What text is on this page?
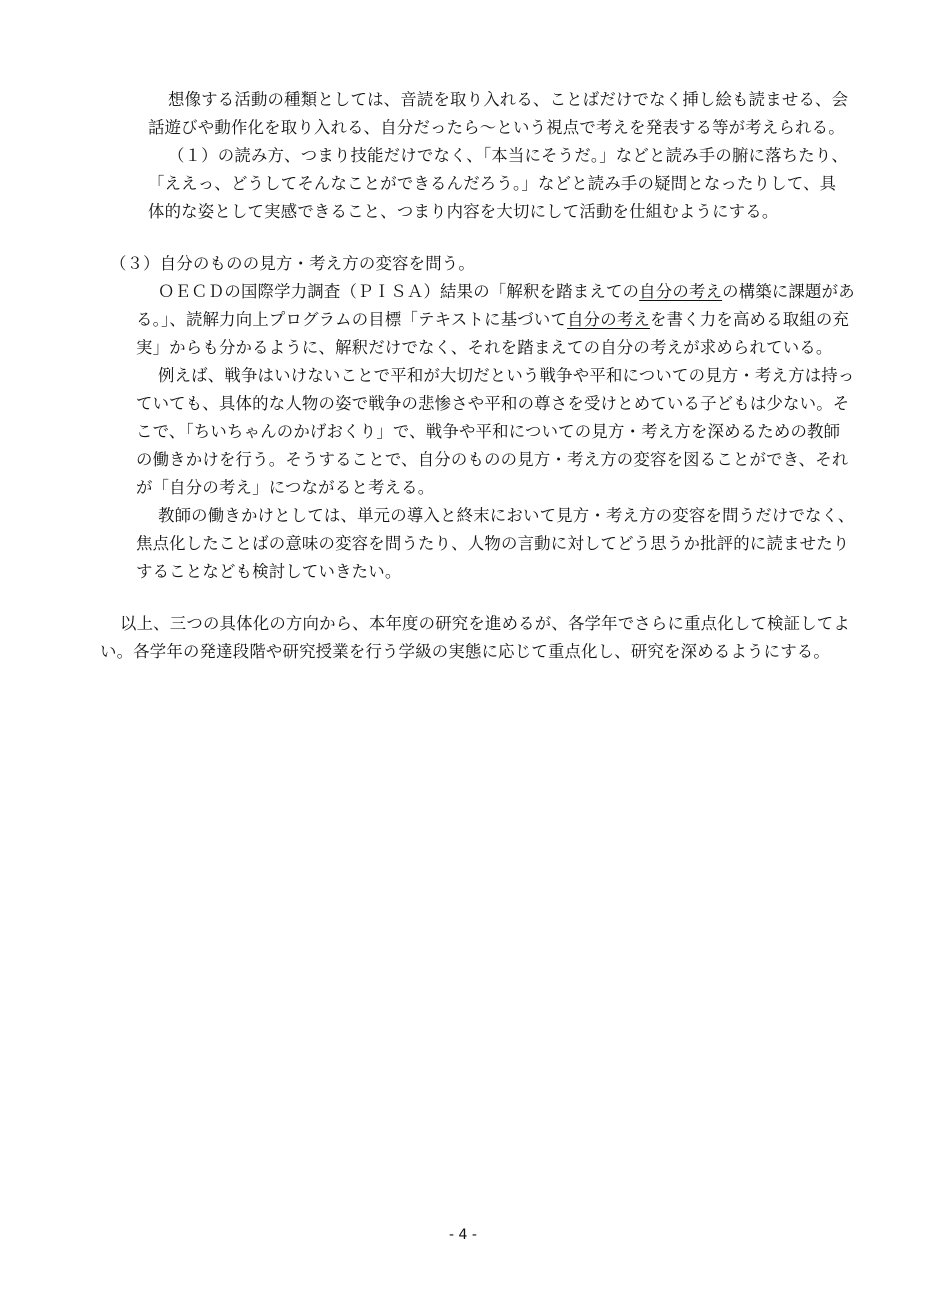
想像する活動の種類としては、音読を取り入れる、ことばだけでなく挿し絵も読ませる、会
話遊びや動作化を取り入れる、自分だったら～という視点で考えを発表する等が考えられる。
（１）の読み方、つまり技能だけでなく、「本当にそうだ。」などと読み手の腑に落ちたり、
「ええっ、どうしてそんなことができるんだろう。」などと読み手の疑問となったりして、具
体的な姿として実感できること、つまり内容を大切にして活動を仕組むようにする。
（３）自分のものの見方・考え方の変容を問う。
ＯＥＣＤの国際学力調査（ＰＩＳＡ）結果の「解釈を踏まえての自分の考えの構築に課題があ
る。」、読解力向上プログラムの目標「テキストに基づいて自分の考えを書く力を高める取組の充
実」からも分かるように、解釈だけでなく、それを踏まえての自分の考えが求められている。
例えば、戦争はいけないことで平和が大切だという戦争や平和についての見方・考え方は持っ
ていても、具体的な人物の姿で戦争の悲惨さや平和の尊さを受けとめている子どもは少ない。そ
こで、「ちいちゃんのかげおくり」で、戦争や平和についての見方・考え方を深めるための教師
の働きかけを行う。そうすることで、自分のものの見方・考え方の変容を図ることができ、それ
が「自分の考え」につながると考える。
教師の働きかけとしては、単元の導入と終末において見方・考え方の変容を問うだけでなく、
焦点化したことばの意味の変容を問うたり、人物の言動に対してどう思うか批評的に読ませたり
することなども検討していきたい。
以上、三つの具体化の方向から、本年度の研究を進めるが、各学年でさらに重点化して検証してよ
い。各学年の発達段階や研究授業を行う学級の実態に応じて重点化し、研究を深めるようにする。
- 4 -
